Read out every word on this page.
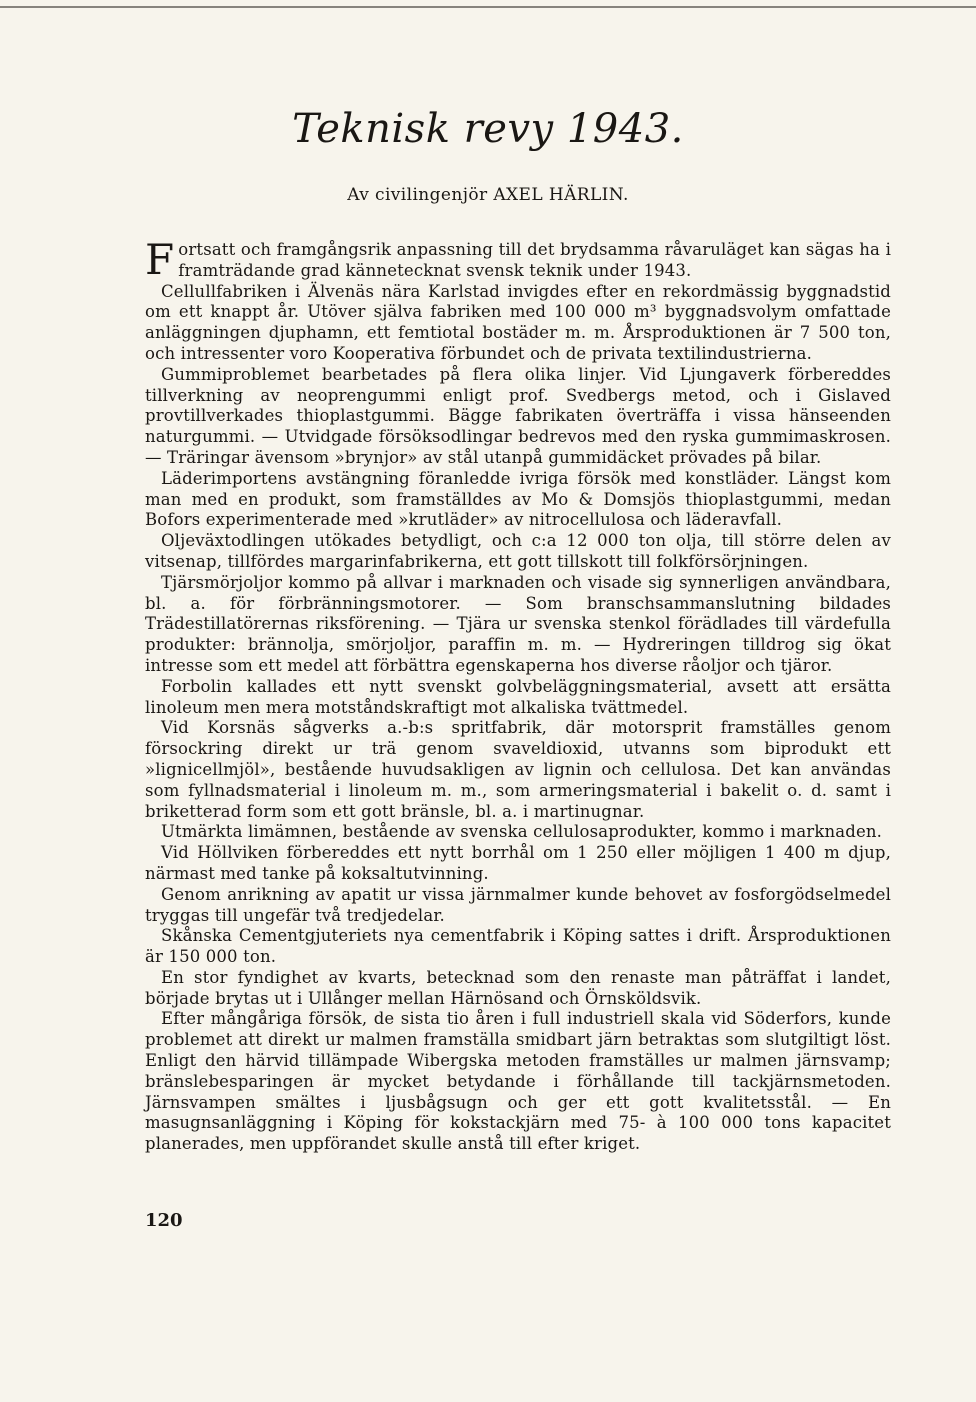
Teknisk revy 1943.

Av civilingenjör AXEL HÄRLIN.

Fortsatt och framgångsrik anpassning till det brydsamma råvaruläget kan sägas ha i framträdande grad kännetecknat svensk teknik under 1943.

Cellullfabriken i Älvenäs nära Karlstad invigdes efter en rekordmässig byggnadstid om ett knappt år. Utöver själva fabriken med 100 000 m³ byggnadsvolym omfattade anläggningen djuphamn, ett femtiotal bostäder m. m. Årsproduktionen är 7 500 ton, och intressenter voro Kooperativa förbundet och de privata textilindustrierna.

Gummiproblemet bearbetades på flera olika linjer. Vid Ljungaverk förbereddes tillverkning av neoprengummi enligt prof. Svedbergs metod, och i Gislaved provtillverkades thioplastgummi. Bägge fabrikaten överträffa i vissa hänseenden naturgummi. — Utvidgade försöksodlingar bedrevos med den ryska gummimaskrosen. — Träringar ävensom »brynjor» av stål utanpå gummidäcket prövades på bilar.

Läderimportens avstängning föranledde ivriga försök med konstläder. Längst kom man med en produkt, som framställdes av Mo & Domsjös thioplastgummi, medan Bofors experimenterade med »krutläder» av nitrocellulosa och läderavfall.

Oljeväxtodlingen utökades betydligt, och c:a 12 000 ton olja, till större delen av vitsenap, tillfördes margarinfabrikerna, ett gott tillskott till folkförsörjningen.

Tjärsmörjoljor kommo på allvar i marknaden och visade sig synnerligen användbara, bl. a. för förbränningsmotorer. — Som branschsammanslutning bildades Trädestillatörernas riksförening. — Tjära ur svenska stenkol förädlades till värdefulla produkter: brännolja, smörjoljor, paraffin m. m. — Hydreringen tilldrog sig ökat intresse som ett medel att förbättra egenskaperna hos diverse råoljor och tjäror.

Forbolin kallades ett nytt svenskt golvbeläggningsmaterial, avsett att ersätta linoleum men mera motståndskraftigt mot alkaliska tvättmedel.

Vid Korsnäs sågverks a.-b:s spritfabrik, där motorsprit framställes genom försockring direkt ur trä genom svaveldioxid, utvanns som biprodukt ett »lignicellmjöl», bestående huvudsakligen av lignin och cellulosa. Det kan användas som fyllnadsmaterial i linoleum m. m., som armeringsmaterial i bakelit o. d. samt i briketterad form som ett gott bränsle, bl. a. i martinugnar.

Utmärkta limämnen, bestående av svenska cellulosaprodukter, kommo i marknaden.

Vid Höllviken förbereddes ett nytt borrhål om 1 250 eller möjligen 1 400 m djup, närmast med tanke på koksaltutvinning.

Genom anrikning av apatit ur vissa järnmalmer kunde behovet av fosforgödselmedel tryggas till ungefär två tredjedelar.

Skånska Cementgjuteriets nya cementfabrik i Köping sattes i drift. Årsproduktionen är 150 000 ton.

En stor fyndighet av kvarts, betecknad som den renaste man påträffat i landet, började brytas ut i Ullånger mellan Härnösand och Örnsköldsvik.

Efter mångåriga försök, de sista tio åren i full industriell skala vid Söderfors, kunde problemet att direkt ur malmen framställa smidbart järn betraktas som slutgiltigt löst. Enligt den härvid tillämpade Wibergska metoden framställes ur malmen järnsvamp; bränslebesparingen är mycket betydande i förhållande till tackjärnsmetoden. Järnsvampen smältes i ljusbågsugn och ger ett gott kvalitetsstål. — En masugnsanläggning i Köping för kokstackjärn med 75- à 100 000 tons kapacitet planerades, men uppförandet skulle anstå till efter kriget.

120
